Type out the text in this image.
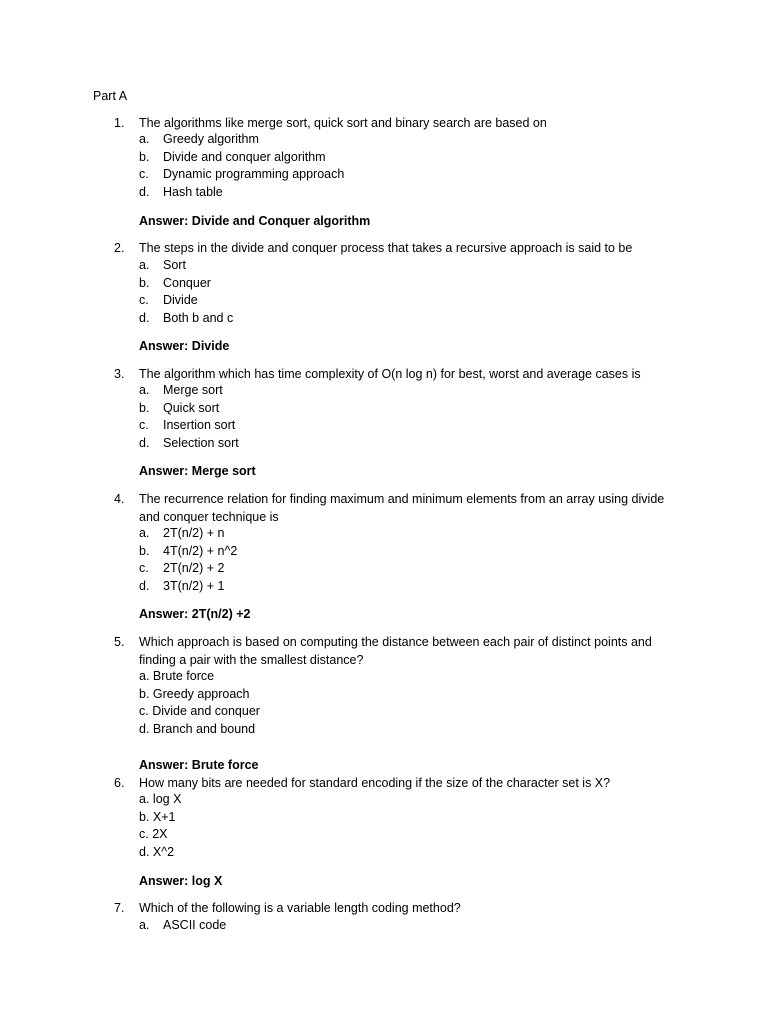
Part A
1. The algorithms like merge sort, quick sort and binary search are based on
a. Greedy algorithm
b. Divide and conquer algorithm
c. Dynamic programming approach
d. Hash table
Answer: Divide and Conquer algorithm
2. The steps in the divide and conquer process that takes a recursive approach is said to be
a. Sort
b. Conquer
c. Divide
d. Both b and c
Answer: Divide
3. The algorithm which has time complexity of O(n log n) for best, worst and average cases is
a. Merge sort
b. Quick sort
c. Insertion sort
d. Selection sort
Answer: Merge sort
4. The recurrence relation for finding maximum and minimum elements from an array using divide and conquer technique is
a. 2T(n/2) + n
b. 4T(n/2) + n^2
c. 2T(n/2) + 2
d. 3T(n/2) + 1
Answer: 2T(n/2) +2
5. Which approach is based on computing the distance between each pair of distinct points and finding a pair with the smallest distance?
a. Brute force
b. Greedy approach
c. Divide and conquer
d. Branch and bound
Answer: Brute force
6. How many bits are needed for standard encoding if the size of the character set is X?
a. log X
b. X+1
c. 2X
d. X^2
Answer: log X
7. Which of the following is a variable length coding method?
a. ASCII code
